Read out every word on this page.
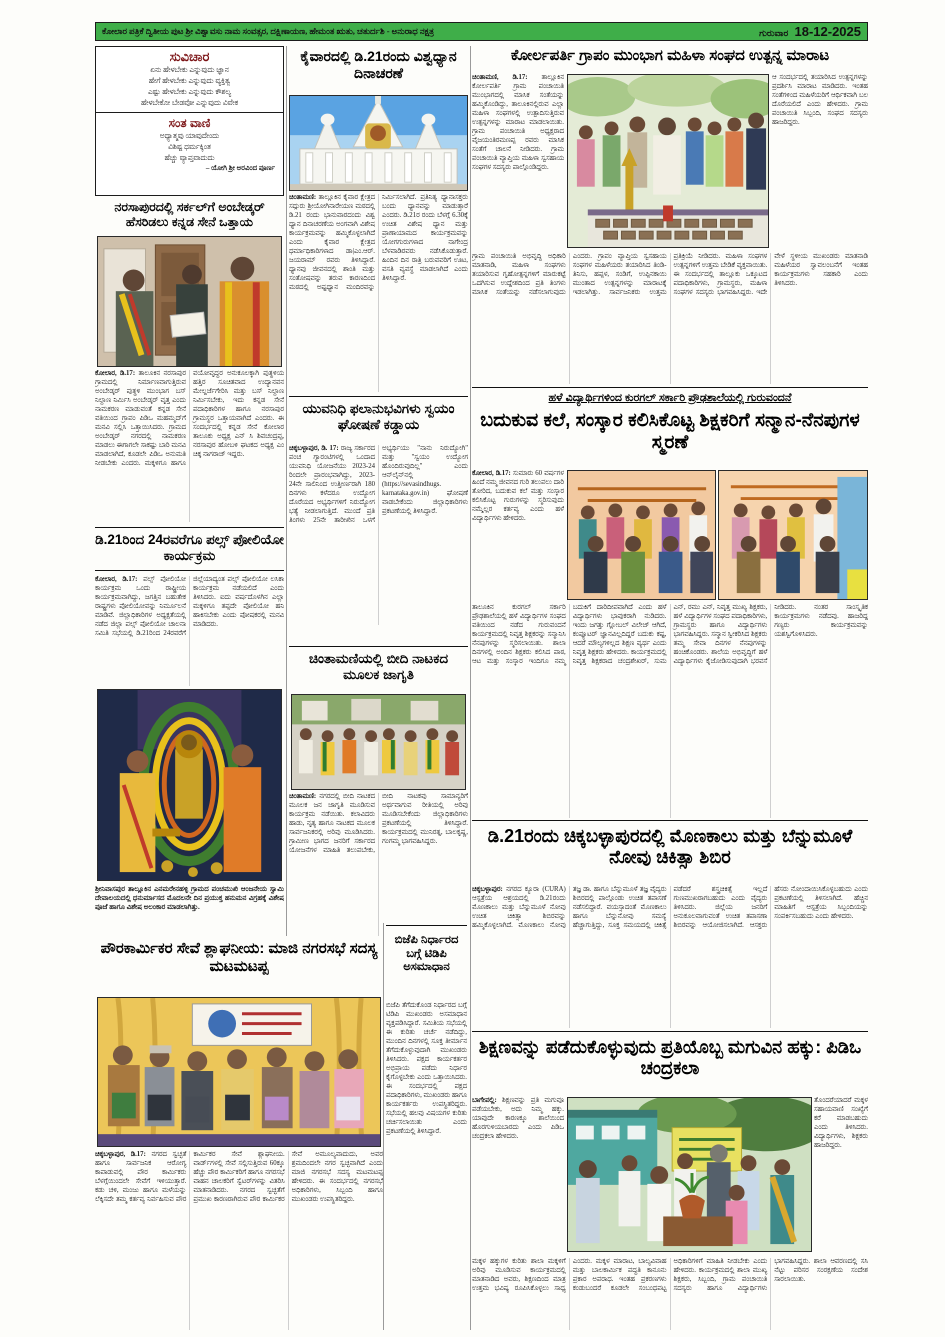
ಕೋಲಾರ ಪತ್ರಿಕೆ ದ್ವಿತೀಯ ಪುಟ ಶ್ರೀ ವಿಶ್ವಾವಸು ನಾಮ ಸಂವತ್ಸರ, ದಕ್ಷಿಣಾಯಣ, ಹೇಮಂತ ಋತು, ಚತುರ್ದಶಿ - ಅನುರಾಧ ನಕ್ಷತ್ರ	ಗುರುವಾರ 18-12-2025
ಸುವಿಚಾರ
ಏನು ಹೇಳಬೇಕು ಎನ್ನುವುದು ಜ್ಞಾನ
ಹೇಗೆ ಹೇಳಬೇಕು ಎನ್ನುವುದು ವ್ಯಕ್ತಿತ್ವ
ಎಷ್ಟು ಹೇಳಬೇಕು ಎನ್ನುವುದು ಕೌಶಲ್ಯ
ಹೇಳಬೇಕೋ ಬೇಡವೋ ಎನ್ನುವುದು ವಿವೇಕ
ಸಂತ ವಾಣಿ
ಅಧ್ಯಾತ್ಮವು ಯಾವುದೇಂದು
ವಿಶಿಷ್ಟ ಧರ್ಮಕ್ಕಿಂತ
ಹೆಚ್ಚು ವ್ಯಾಪ್ತವಾದುದು
– ಯೋಗಿ ಶ್ರೀ ಅರವಿಂದ ಪೂರ್ಣ
ನರಸಾಪುರದಲ್ಲಿ ಸರ್ಕಲ್‌ಗೆ ಅಂಬೇಡ್ಕರ್ ಹೆಸರಿಡಲು ಕನ್ನಡ ಸೇನೆ ಒತ್ತಾಯ
ಕೋಲಾರ, ಡಿ.17: ತಾಲೂಕಿನ ನರಸಾಪುರ ಗ್ರಾಮದಲ್ಲಿ ನಿರ್ಮಾಣವಾಗುತ್ತಿರುವ ಅಂಬೇಡ್ಕರ್ ಪುತ್ಥಳಿ ಮುಂಭಾಗ ಬಸ್ ನಿಲ್ದಾಣ ನಿರ್ಮಿಸಿ ಅಂಬೇಡ್ಕರ್ ವೃತ್ತ ಎಂದು ನಾಮಕರಣ ಮಾಡುವಂತೆ ಕನ್ನಡ ಸೇನೆ ವತಿಯಿಂದ ಗ್ರಾಪಂ ಪಿಡಿಒ ಮಹಮ್ಮದ್‌ಗೆ ಮನವಿ ಸಲ್ಲಿಸಿ ಒತ್ತಾಯಿಸಿದರು. ಗ್ರಾಮದ ಅಂಬೇಡ್ಕರ್ ನಗರದಲ್ಲಿ ನಾಮಕರಣ ಮಾಡಲು ಈಗಾಗಲೇ ಸಾಕಷ್ಟು ಬಾರಿ ಮನವಿ ಮಾಡಲಾಗಿದೆ, ಕೂಡಲೇ ಪಿಡಿಒ ಅನುಮತಿ ನೀಡಬೇಕು ಎಂದರು. ಮಕ್ಕಳಿಗೂ ಹಾಗೂ ವಯೋವೃದ್ಧರ ಅನುಕೂಲಕ್ಕಾಗಿ ಪುತ್ಥಳಿಯ ಹತ್ತಿರ ಸೂಚಿತವಾದ ಉದ್ಯಾನವನ ಮೇಲ್ದರ್ಜೆಗೇರಿಸಿ ಮತ್ತು ಬಸ್ ನಿಲ್ದಾಣ ನಿರ್ಮಿಸಬೇಕು, ಇದು ಕನ್ನಡ ಸೇನೆ ಪದಾಧಿಕಾರಿಗಳ ಹಾಗೂ ನರಸಾಪುರ ಗ್ರಾಮಸ್ಥರ ಒತ್ತಾಯವಾಗಿದೆ ಎಂದರು. ಈ ಸಂದರ್ಭದಲ್ಲಿ ಕನ್ನಡ ಸೇನೆ ಕೋಲಾರ ತಾಲೂಕು ಅಧ್ಯಕ್ಷ ಎನ್ ಸಿ ಶಿವಚಂದ್ರಪ್ಪ, ನರಸಾಪುರ ಹೋಬಳಿ ಘಟಕದ ಅಧ್ಯಕ್ಷ ಎಂ ಚಿಕ್ಕ ನಾಗರಾಜ್ ಇದ್ದರು.
ಡಿ.21ರಿಂದ 24ರವರೆಗೂ ಪಲ್ಸ್ ಪೋಲಿಯೋ ಕಾರ್ಯಕ್ರಮ
ಕೋಲಾರ, ಡಿ.17: ಪಲ್ಸ್ ಪೋಲಿಯೋ ಕಾರ್ಯಕ್ರಮ ಒಂದು ರಾಷ್ಟ್ರೀಯ ಕಾರ್ಯಕ್ರಮವಾಗಿದ್ದು, ಜಗತ್ತಿನ ಬಹುತೇಕ ರಾಷ್ಟ್ರಗಳು ಪೋಲಿಯೋವನ್ನು ನಿರ್ಮೂಲನೆ ಮಾಡಿವೆ. ಜಿಲ್ಲಾಧಿಕಾರಿಗಳ ಅಧ್ಯಕ್ಷತೆಯಲ್ಲಿ ನಡೆದ ಜಿಲ್ಲಾ ಪಲ್ಸ್ ಪೋಲಿಯೋ ಚಾಲನಾ ಸಮಿತಿ ಸಭೆಯಲ್ಲಿ ಡಿ.21ರಿಂದ 24ರವರೆಗೆ ಜಿಲ್ಲೆಯಾದ್ಯಂತ ಪಲ್ಸ್ ಪೋಲಿಯೋ ಲಸಿಕಾ ಕಾರ್ಯಕ್ರಮ ನಡೆಯಲಿದೆ ಎಂದು ತಿಳಿಸಿದರು. ಐದು ವರ್ಷದೊಳಗಿನ ಎಲ್ಲಾ ಮಕ್ಕಳಿಗೂ ತಪ್ಪದೇ ಪೋಲಿಯೋ ಹನಿ ಹಾಕಿಸಬೇಕು ಎಂದು ಪೋಷಕರಲ್ಲಿ ಮನವಿ ಮಾಡಿದರು.
ಶ್ರೀನಿವಾಸಪುರ ತಾಲ್ಲೂಕಿನ ಎನಮರೇನಹಳ್ಳಿ ಗ್ರಾಮದ ಪಂಚಮುಖಿ ಆಂಜನೇಯ ಸ್ವಾಮಿ ದೇವಾಲಯದಲ್ಲಿ ಧನುರ್ಮಾಸದ ಮೊದಲನೇ ದಿನ ಪ್ರಯುಕ್ತ ಹನುಮನ ವಿಗ್ರಹಕ್ಕೆ ವಿಶೇಷ ಪೂಜೆ ಹಾಗೂ ವಿಶೇಷ ಅಲಂಕಾರ ಮಾಡಲಾಗಿತ್ತು.
ಪೌರಕಾರ್ಮಿಕರ ಸೇವೆ ಶ್ಲಾಘನೀಯ: ಮಾಜಿ ನಗರಸಭೆ ಸದಸ್ಯ ಮಟಮಟಪ್ಪ
ಚಿಕ್ಕಬಳ್ಳಾಪುರ, ಡಿ.17: ನಗರದ ಸ್ವಚ್ಛತೆ ಹಾಗೂ ಸಾರ್ವಜನಿಕ ಆರೋಗ್ಯ ಕಾಪಾಡುವಲ್ಲಿ ಪೌರ ಕಾರ್ಮಿಕರು ಬೆಳಗ್ಗೆಯಿಂದಲೇ ಸೇವೆಗೆ ಇಳಿಯುತ್ತಾರೆ. ಕಡು ಚಳಿ, ಮಂಜು ಹಾಗೂ ಮಳೆಯನ್ನು ಲೆಕ್ಕಿಸದೇ ತಮ್ಮ ಕರ್ತವ್ಯ ನಿರ್ವಹಿಸುವ ಪೌರ ಕಾರ್ಮಿಕರ ಸೇವೆ ಶ್ಲಾಘನೀಯ. ವಾರ್ಡ್‌ಗಳಲ್ಲಿ ಸೇವೆ ಸಲ್ಲಿಸುತ್ತಿರುವ 60ಕ್ಕೂ ಹೆಚ್ಚು ಪೌರ ಕಾರ್ಮಿಕರಿಗೆ ಹಾಗೂ ನಗರಸಭೆ ವಾಹನ ಚಾಲಕರಿಗೆ ಸ್ವೆಟರ್‌ಗಳನ್ನು ವಿತರಿಸಿ ಮಾತನಾಡಿದರು. ನಗರದ ಸ್ವಚ್ಛತೆಗೆ ಪ್ರಮುಖ ಕಾರಣರಾಗಿರುವ ಪೌರ ಕಾರ್ಮಿಕರ ಸೇವೆ ಅಮೂಲ್ಯವಾದುದು, ಅವರ ಶ್ರಮದಿಂದಲೇ ನಗರ ಸ್ವಚ್ಛವಾಗಿದೆ ಎಂದು ಮಾಜಿ ನಗರಸಭೆ ಸದಸ್ಯ ಮಟಮಟಪ್ಪ ಹೇಳಿದರು. ಈ ಸಂದರ್ಭದಲ್ಲಿ ನಗರಸಭೆ ಅಧಿಕಾರಿಗಳು, ಸಿಬ್ಬಂದಿ ಹಾಗೂ ಮುಖಂಡರು ಉಪಸ್ಥಿತರಿದ್ದರು.
ಕೈವಾರದಲ್ಲಿ ಡಿ.21ರಂದು ವಿಶ್ವಧ್ಯಾನ ದಿನಾಚರಣೆ
ಚಿಂತಾಮಣಿ: ತಾಲ್ಲೂಕಿನ ಕೈವಾರ ಕ್ಷೇತ್ರದ ಸದ್ಗುರು ಶ್ರೀಯೋಗಿನಾರೇಯಣ ಮಠದಲ್ಲಿ ಡಿ.21 ರಂದು ಭಾನುವಾರದಂದು ವಿಶ್ವ ಧ್ಯಾನ ದಿನಾಚರಣೆಯ ಅಂಗವಾಗಿ ವಿಶೇಷ ಕಾರ್ಯಕ್ರಮವನ್ನು ಹಮ್ಮಿಕೊಳ್ಳಲಾಗಿದೆ ಎಂದು ಕೈವಾರ ಕ್ಷೇತ್ರದ ಧರ್ಮಾಧಿಕಾರಿಗಳಾದ ಡಾ|ಎಂ.ಆರ್. ಜಯರಾಮ್ ರವರು ತಿಳಿಸಿದ್ದಾರೆ. ಧ್ಯಾನವು ಜೀವನದಲ್ಲಿ ಶಾಂತಿ ಮತ್ತು ಸಂತೋಷವನ್ನು ತರುವ ಕಾರಣದಿಂದ ಮಠದಲ್ಲಿ ಅಷ್ಟಧ್ಯಾನ ಮಂದಿರವನ್ನು ನಿರ್ಮಿಸಲಾಗಿದೆ. ಪ್ರತಿನಿತ್ಯ ಧ್ಯಾನಾಸಕ್ತರು ಬಂದು ಧ್ಯಾನವನ್ನು ಮಾಡುತ್ತಾರೆ ಎಂದರು. ಡಿ.21ರ ರಂದು ಬೆಳಗ್ಗೆ 6.30ಕ್ಕೆ ಉಚಿತ ವಿಶೇಷ ಧ್ಯಾನ ಮತ್ತು ಪ್ರಾಣಾಯಾಮದ ಕಾರ್ಯಕ್ರಮವನ್ನು ಯೋಗಗುರುಗಳಾದ ನಾಗೇಂದ್ರ ಬೆಳವಾಡಿರವರು ನಡೆಸಿಕೊಡುತ್ತಾರೆ. ಹಿಂದಿನ ದಿನ ರಾತ್ರಿ ಬರುವವರಿಗೆ ಊಟ, ವಸತಿ ವ್ಯವಸ್ಥೆ ಮಾಡಲಾಗಿದೆ ಎಂದು ತಿಳಿಸಿದ್ದಾರೆ.
ಯುವನಿಧಿ ಫಲಾನುಭವಿಗಳು ಸ್ವಯಂ ಘೋಷಣೆ ಕಡ್ಡಾಯ
ಚಿಕ್ಕಬಳ್ಳಾಪುರ, ಡಿ. 17: ರಾಜ್ಯ ಸರ್ಕಾರದ ಪಂಚ ಗ್ಯಾರಂಟಿಗಳಲ್ಲಿ ಒಂದಾದ ಯುವನಿಧಿ ಯೋಜನೆಯು 2023-24 ರಿಂದಲೇ ಪ್ರಾರಂಭವಾಗಿದ್ದು, 2023-24ನೇ ಸಾಲಿನಿಂದ ಉತ್ತೀರ್ಣರಾಗಿ 180 ದಿನಗಳು ಕಳೆದರೂ ಉದ್ಯೋಗ ದೊರೆಯದ ಅಭ್ಯರ್ಥಿಗಳಿಗೆ ನಿರುದ್ಯೋಗ ಭತ್ಯೆ ನೀಡಲಾಗುತ್ತಿದೆ. ಮುಂದೆ ಪ್ರತಿ ತಿಂಗಳು 25ನೇ ತಾರೀಖಿನ ಒಳಗೆ ಅಭ್ಯರ್ಥಿಯು "ನಾನು ನಿರುದ್ಯೋಗಿ" ಮತ್ತು "ಸ್ವಯಂ ಉದ್ಯೋಗ ಹೊಂದಿರುವುದಿಲ್ಲ" ಎಂದು ಆನ್‌ಲೈನ್‌ನಲ್ಲಿ (https://sevasindhugs. karnataka.gov.in) ಘೋಷಣೆ ವಾಡಬೇಕೆಂದು ಜಿಲ್ಲಾಧಿಕಾರಿಗಳು ಪ್ರಕಟಣೆಯಲ್ಲಿ ತಿಳಿಸಿದ್ದಾರೆ.
ಚಿಂತಾಮಣಿಯಲ್ಲಿ ಬೀದಿ ನಾಟಕದ ಮೂಲಕ ಜಾಗೃತಿ
ಚಿಂತಾಮಣಿ: ನಗರದಲ್ಲಿ ಬೀದಿ ನಾಟಕದ ಮೂಲಕ ಜನ ಜಾಗೃತಿ ಮೂಡಿಸುವ ಕಾರ್ಯಕ್ರಮ ನಡೆಯಿತು. ಕಲಾವಿದರು ಹಾಡು, ನೃತ್ಯ ಹಾಗೂ ನಾಟಕದ ಮೂಲಕ ಸಾರ್ವಜನಿಕರಲ್ಲಿ ಅರಿವು ಮೂಡಿಸಿದರು. ಗ್ರಾಮೀಣ ಭಾಗದ ಜನರಿಗೆ ಸರ್ಕಾರದ ಯೋಜನೆಗಳ ಮಾಹಿತಿ ತಲುಪಬೇಕು, ಬೀದಿ ನಾಟಕವು ಸಾಮಾನ್ಯರಿಗೆ ಅರ್ಥವಾಗುವ ರೀತಿಯಲ್ಲಿ ಅರಿವು ಮೂಡಿಸಬೇಕೆಂದು ಜಿಲ್ಲಾಧಿಕಾರಿಗಳು ಪ್ರಕಟಣೆಯಲ್ಲಿ ತಿಳಿಸಿದ್ದಾರೆ. ಕಾರ್ಯಕ್ರಮದಲ್ಲಿ ಮುನಿರತ್ನ, ಬಾಲಕೃಷ್ಣ, ಗಂಗಮ್ಮ ಭಾಗವಹಿಸಿದ್ದರು.
ಬಿಜೆಪಿ ನಿರ್ಧಾರದ ಬಗ್ಗೆ ಟಿಡಿಪಿ ಅಸಮಾಧಾನ
ಬಿಜೆಪಿ ತೆಗೆದುಕೊಂಡ ನಿರ್ಧಾರದ ಬಗ್ಗೆ ಟಿಡಿಪಿ ಮುಖಂಡರು ಅಸಮಾಧಾನ ವ್ಯಕ್ತಪಡಿಸಿದ್ದಾರೆ. ಸಮಿತಿಯ ಸಭೆಯಲ್ಲಿ ಈ ಕುರಿತು ಚರ್ಚೆ ನಡೆದಿದ್ದು, ಮುಂದಿನ ದಿನಗಳಲ್ಲಿ ಸೂಕ್ತ ತೀರ್ಮಾನ ತೆಗೆದುಕೊಳ್ಳುವುದಾಗಿ ಮುಖಂಡರು ತಿಳಿಸಿದರು. ಪಕ್ಷದ ಕಾರ್ಯಕರ್ತರ ಅಭಿಪ್ರಾಯ ಪಡೆದು ನಿರ್ಧಾರ ಕೈಗೊಳ್ಳಬೇಕು ಎಂದು ಒತ್ತಾಯಿಸಿದರು. ಈ ಸಂದರ್ಭದಲ್ಲಿ ಪಕ್ಷದ ಪದಾಧಿಕಾರಿಗಳು, ಮುಖಂಡರು ಹಾಗೂ ಕಾರ್ಯಕರ್ತರು ಉಪಸ್ಥಿತರಿದ್ದರು. ಸಭೆಯಲ್ಲಿ ಹಲವು ವಿಷಯಗಳ ಕುರಿತು ಚರ್ಚಿಸಲಾಯಿತು ಎಂದು ಪ್ರಕಟಣೆಯಲ್ಲಿ ತಿಳಿಸಿದ್ದಾರೆ.
ಕೋರ್ಲಪರ್ತಿ ಗ್ರಾಪಂ ಮುಂಭಾಗ ಮಹಿಳಾ ಸಂಘದ ಉತ್ಪನ್ನ ಮಾರಾಟ
ಚಿಂತಾಮಣಿ, ಡಿ.17: ತಾಲ್ಲೂಕಿನ ಕೋರ್ಲಪರ್ತಿ ಗ್ರಾಮ ಪಂಚಾಯಿತಿ ಮುಂಭಾಗದಲ್ಲಿ ಮಾಸಿಕ ಸಂತೆಯನ್ನು ಹಮ್ಮಿಕೊಂಡಿದ್ದು, ತಾಲೂಕಿನಲ್ಲಿರುವ ಎಲ್ಲಾ ಮಹಿಳಾ ಸಂಘಗಳಲ್ಲಿ ಉತ್ಪಾದಿಸುತ್ತಿರುವ ಉತ್ಪನ್ನಗಳನ್ನು ಮಾರಾಟ ಮಾಡಲಾಯಿತು. ಗ್ರಾಮ ಪಂಚಾಯಿತಿ ಅಧ್ಯಕ್ಷರಾದ ವೈಜಯಂತಿರಮಣಪ್ಪ ರವರು ಮಾಸಿಕ ಸಂತೆಗೆ ಚಾಲನೆ ನೀಡಿದರು. ಗ್ರಾಮ ಪಂಚಾಯಿತಿ ವ್ಯಾಪ್ತಿಯ ಮಹಿಳಾ ಸ್ವಸಹಾಯ ಸಂಘಗಳ ಸದಸ್ಯರು ಪಾಲ್ಗೊಂಡಿದ್ದರು.
ಆ ಸಂದರ್ಭದಲ್ಲಿ ತಯಾರಿಸಿದ ಉತ್ಪನ್ನಗಳನ್ನು ಪ್ರದರ್ಶಿಸಿ ಮಾರಾಟ ಮಾಡಿದರು. ಇಂತಹ ಸಂತೆಗಳಿಂದ ಮಹಿಳೆಯರಿಗೆ ಆರ್ಥಿಕವಾಗಿ ಬಲ ದೊರೆಯಲಿದೆ ಎಂದು ಹೇಳಿದರು. ಗ್ರಾಮ ಪಂಚಾಯಿತಿ ಸಿಬ್ಬಂದಿ, ಸಂಘದ ಸದಸ್ಯರು ಹಾಜರಿದ್ದರು.
ಗ್ರಾಮ ಪಂಚಾಯಿತಿ ಅಭಿವೃದ್ಧಿ ಅಧಿಕಾರಿ ಮಾತನಾಡಿ, ಮಹಿಳಾ ಸಂಘಗಳು ತಯಾರಿಸುವ ಗೃಹೋತ್ಪನ್ನಗಳಿಗೆ ಮಾರುಕಟ್ಟೆ ಒದಗಿಸುವ ಉದ್ದೇಶದಿಂದ ಪ್ರತಿ ತಿಂಗಳು ಮಾಸಿಕ ಸಂತೆಯನ್ನು ನಡೆಸಲಾಗುವುದು ಎಂದರು. ಗ್ರಾಪಂ ವ್ಯಾಪ್ತಿಯ ಸ್ವಸಹಾಯ ಸಂಘಗಳ ಮಹಿಳೆಯರು ತಯಾರಿಸಿದ ತಿಂಡಿ-ತಿನಿಸು, ಹಪ್ಪಳ, ಸಂಡಿಗೆ, ಉಪ್ಪಿನಕಾಯಿ ಮುಂತಾದ ಉತ್ಪನ್ನಗಳನ್ನು ಮಾರಾಟಕ್ಕೆ ಇಡಲಾಗಿತ್ತು. ಸಾರ್ವಜನಿಕರು ಉತ್ತಮ ಪ್ರತಿಕ್ರಿಯೆ ನೀಡಿದರು. ಮಹಿಳಾ ಸಂಘಗಳ ಉತ್ಪನ್ನಗಳಿಗೆ ಉತ್ತಮ ಬೇಡಿಕೆ ವ್ಯಕ್ತವಾಯಿತು. ಈ ಸಂದರ್ಭದಲ್ಲಿ ತಾಲ್ಲೂಕು ಒಕ್ಕೂಟದ ಪದಾಧಿಕಾರಿಗಳು, ಗ್ರಾಮಸ್ಥರು, ಮಹಿಳಾ ಸಂಘಗಳ ಸದಸ್ಯರು ಭಾಗವಹಿಸಿದ್ದರು. ಇದೇ ವೇಳೆ ಸ್ಥಳೀಯ ಮುಖಂಡರು ಮಾತನಾಡಿ ಮಹಿಳೆಯರ ಸ್ವಾವಲಂಬನೆಗೆ ಇಂತಹ ಕಾರ್ಯಕ್ರಮಗಳು ಸಹಕಾರಿ ಎಂದು ತಿಳಿಸಿದರು.
ಹಳೆ ವಿದ್ಯಾರ್ಥಿಗಳಿಂದ ಕುರಗಲ್ ಸರ್ಕಾರಿ ಪ್ರೌಢಶಾಲೆಯಲ್ಲಿ ಗುರುವಂದನೆ
ಬದುಕುವ ಕಲೆ, ಸಂಸ್ಕಾರ ಕಲಿಸಿಕೊಟ್ಟ ಶಿಕ್ಷಕರಿಗೆ ಸನ್ಮಾನ-ನೆನಪುಗಳ ಸ್ಮರಣೆ
ಕೋಲಾರ, ಡಿ.17: ಸುಮಾರು 60 ವರ್ಷಗಳ ಹಿಂದೆ ನಮ್ಮ ಜೀವನದ ಗುರಿ ತಲುಪಲು ದಾರಿ ತೋರಿದ, ಬದುಕುವ ಕಲೆ ಮತ್ತು ಸಂಸ್ಕಾರ ಕಲಿಸಿಕೊಟ್ಟ ಗುರುಗಳನ್ನು ಸ್ಮರಿಸುವುದು ನಮ್ಮೆಲ್ಲರ ಕರ್ತವ್ಯ ಎಂದು ಹಳೆ ವಿದ್ಯಾರ್ಥಿಗಳು ಹೇಳಿದರು.
ತಾಲೂಕಿನ ಕುರಗಲ್ ಸರ್ಕಾರಿ ಪ್ರೌಢಶಾಲೆಯಲ್ಲಿ ಹಳೆ ವಿದ್ಯಾರ್ಥಿಗಳ ಸಂಘದ ವತಿಯಿಂದ ನಡೆದ ಗುರುವಂದನೆ ಕಾರ್ಯಕ್ರಮದಲ್ಲಿ ನಿವೃತ್ತ ಶಿಕ್ಷಕರನ್ನು ಸನ್ಮಾನಿಸಿ ನೆನಪುಗಳನ್ನು ಸ್ಮರಿಸಲಾಯಿತು. ಶಾಲಾ ದಿನಗಳಲ್ಲಿ ಅಂದಿನ ಶಿಕ್ಷಕರು ಕಲಿಸಿದ ಪಾಠ, ಆಟ ಮತ್ತು ಸಂಸ್ಕಾರ ಇಂದಿಗೂ ನಮ್ಮ ಬದುಕಿಗೆ ದಾರಿದೀಪವಾಗಿದೆ ಎಂದು ಹಳೆ ವಿದ್ಯಾರ್ಥಿಗಳು ಭಾವುಕರಾಗಿ ನುಡಿದರು. ಇಂದು ಜಗತ್ತು ಗ್ಲೋಬಲ್ ವಿಲೇಜ್ ಆಗಿದೆ, ಕಂಪ್ಯೂಟರ್ ಜ್ಞಾನವಿಲ್ಲದಿದ್ದರೆ ಬದುಕು ಕಷ್ಟ, ಆದರೆ ಮೌಲ್ಯಗಳಿಲ್ಲದ ಶಿಕ್ಷಣ ವ್ಯರ್ಥ ಎಂದು ನಿವೃತ್ತ ಶಿಕ್ಷಕರು ಹೇಳಿದರು. ಕಾರ್ಯಕ್ರಮದಲ್ಲಿ ನಿವೃತ್ತ ಶಿಕ್ಷಕರಾದ ಚಂದ್ರಶೇಖರ್, ಸುಮ ಎನ್, ರಮು ಎನ್, ನಿವೃತ್ತ ಮುಖ್ಯ ಶಿಕ್ಷಕರು, ಹಳೆ ವಿದ್ಯಾರ್ಥಿಗಳ ಸಂಘದ ಪದಾಧಿಕಾರಿಗಳು, ಗ್ರಾಮಸ್ಥರು ಹಾಗೂ ವಿದ್ಯಾರ್ಥಿಗಳು ಭಾಗವಹಿಸಿದ್ದರು. ಸನ್ಮಾನ ಸ್ವೀಕರಿಸಿದ ಶಿಕ್ಷಕರು ತಮ್ಮ ಸೇವಾ ದಿನಗಳ ನೆನಪುಗಳನ್ನು ಹಂಚಿಕೊಂಡರು. ಶಾಲೆಯ ಅಭಿವೃದ್ಧಿಗೆ ಹಳೆ ವಿದ್ಯಾರ್ಥಿಗಳು ಕೈಜೋಡಿಸುವುದಾಗಿ ಭರವಸೆ ನೀಡಿದರು. ನಂತರ ಸಾಂಸ್ಕೃತಿಕ ಕಾರ್ಯಕ್ರಮಗಳು ನಡೆದವು. ಹಾಜರಿದ್ದ ಗಣ್ಯರು ಕಾರ್ಯಕ್ರಮವನ್ನು ಯಶಸ್ವಿಗೊಳಿಸಿದರು.
ಡಿ.21ರಂದು ಚಿಕ್ಕಬಳ್ಳಾಪುರದಲ್ಲಿ ಮೊಣಕಾಲು ಮತ್ತು ಬೆನ್ನುಮೂಳೆ ನೋವು ಚಿಕಿತ್ಸಾ ಶಿಬಿರ
ಚಿಕ್ಕಬಳ್ಳಾಪುರ: ನಗರದ ಕ್ಯೂರಾ (CURA) ಆಸ್ಪತ್ರೆಯ ಆಶ್ರಯದಲ್ಲಿ ಡಿ.21ರಂದು ಮೊಣಕಾಲು ಮತ್ತು ಬೆನ್ನುಮೂಳೆ ನೋವು ಉಚಿತ ಚಿಕಿತ್ಸಾ ಶಿಬಿರವನ್ನು ಹಮ್ಮಿಕೊಳ್ಳಲಾಗಿದೆ. ಮೊಣಕಾಲು ನೋವು ತಜ್ಞ ಡಾ. ಹಾಗೂ ಬೆನ್ನುಮೂಳೆ ತಜ್ಞ ವೈದ್ಯರು ಶಿಬಿರದಲ್ಲಿ ಪಾಲ್ಗೊಂಡು ಉಚಿತ ತಪಾಸಣೆ ನಡೆಸಲಿದ್ದಾರೆ. ವಯಸ್ಸಾದಂತೆ ಮೊಣಕಾಲು ಹಾಗೂ ಬೆನ್ನುನೋವು ಸಮಸ್ಯೆ ಹೆಚ್ಚಾಗುತ್ತಿದ್ದು, ಸೂಕ್ತ ಸಮಯದಲ್ಲಿ ಚಿಕಿತ್ಸೆ ಪಡೆದರೆ ಶಸ್ತ್ರಚಿಕಿತ್ಸೆ ಇಲ್ಲದೆ ಗುಣಮುಖರಾಗಬಹುದು ಎಂದು ವೈದ್ಯರು ತಿಳಿಸಿದರು. ಜಿಲ್ಲೆಯ ಜನರಿಗೆ ಅನುಕೂಲವಾಗುವಂತೆ ಉಚಿತ ತಪಾಸಣಾ ಶಿಬಿರವನ್ನು ಆಯೋಜಿಸಲಾಗಿದೆ. ಆಸಕ್ತರು ಹೆಸರು ನೋಂದಾಯಿಸಿಕೊಳ್ಳಬಹುದು ಎಂದು ಪ್ರಕಟಣೆಯಲ್ಲಿ ತಿಳಿಸಲಾಗಿದೆ. ಹೆಚ್ಚಿನ ಮಾಹಿತಿಗೆ ಆಸ್ಪತ್ರೆಯ ಸಿಬ್ಬಂದಿಯನ್ನು ಸಂಪರ್ಕಿಸಬಹುದು ಎಂದು ಹೇಳಿದರು.
ಶಿಕ್ಷಣವನ್ನು ಪಡೆದುಕೊಳ್ಳುವುದು ಪ್ರತಿಯೊಬ್ಬ ಮಗುವಿನ ಹಕ್ಕು: ಪಿಡಿಒ ಚಂದ್ರಕಲಾ
ಬಾಗೇಪಲ್ಲಿ: ಶಿಕ್ಷಣವನ್ನು ಪ್ರತಿ ಮಗುವೂ ಪಡೆಯಬೇಕು, ಅದು ನಿಮ್ಮ ಹಕ್ಕು. ಯಾವುದೇ ಕಾರಣಕ್ಕೂ ಶಾಲೆಯಿಂದ ಹೊರಗುಳಿಯಬಾರದು ಎಂದು ಪಿಡಿಒ ಚಂದ್ರಕಲಾ ಹೇಳಿದರು.
ತೊಂದರೆಯಾದರೆ ಮಕ್ಕಳ ಸಹಾಯವಾಣಿ ಸಂಖ್ಯೆಗೆ ಕರೆ ಮಾಡಬಹುದು ಎಂದು ತಿಳಿಸಿದರು. ವಿದ್ಯಾರ್ಥಿಗಳು, ಶಿಕ್ಷಕರು ಹಾಜರಿದ್ದರು.
ಮಕ್ಕಳ ಹಕ್ಕುಗಳ ಕುರಿತು ಶಾಲಾ ಮಕ್ಕಳಿಗೆ ಅರಿವು ಮೂಡಿಸುವ ಕಾರ್ಯಕ್ರಮದಲ್ಲಿ ಮಾತನಾಡಿದ ಅವರು, ಶಿಕ್ಷಣದಿಂದ ಮಾತ್ರ ಉತ್ತಮ ಭವಿಷ್ಯ ರೂಪಿಸಿಕೊಳ್ಳಲು ಸಾಧ್ಯ ಎಂದರು. ಮಕ್ಕಳ ಮಾರಾಟ, ಬಾಲ್ಯವಿವಾಹ ಮತ್ತು ಬಾಲಕಾರ್ಮಿಕ ಪದ್ಧತಿ ಕಾನೂನು ಪ್ರಕಾರ ಅಪರಾಧ. ಇಂತಹ ಪ್ರಕರಣಗಳು ಕಂಡುಬಂದರೆ ಕೂಡಲೇ ಸಂಬಂಧಪಟ್ಟ ಅಧಿಕಾರಿಗಳಿಗೆ ಮಾಹಿತಿ ನೀಡಬೇಕು ಎಂದು ಹೇಳಿದರು. ಕಾರ್ಯಕ್ರಮದಲ್ಲಿ ಶಾಲಾ ಮುಖ್ಯ ಶಿಕ್ಷಕರು, ಸಿಬ್ಬಂದಿ, ಗ್ರಾಮ ಪಂಚಾಯಿತಿ ಸದಸ್ಯರು ಹಾಗೂ ವಿದ್ಯಾರ್ಥಿಗಳು ಭಾಗವಹಿಸಿದ್ದರು. ಶಾಲಾ ಆವರಣದಲ್ಲಿ ಸಸಿ ನೆಟ್ಟು ಪರಿಸರ ಸಂರಕ್ಷಣೆಯ ಸಂದೇಶ ಸಾರಲಾಯಿತು.
